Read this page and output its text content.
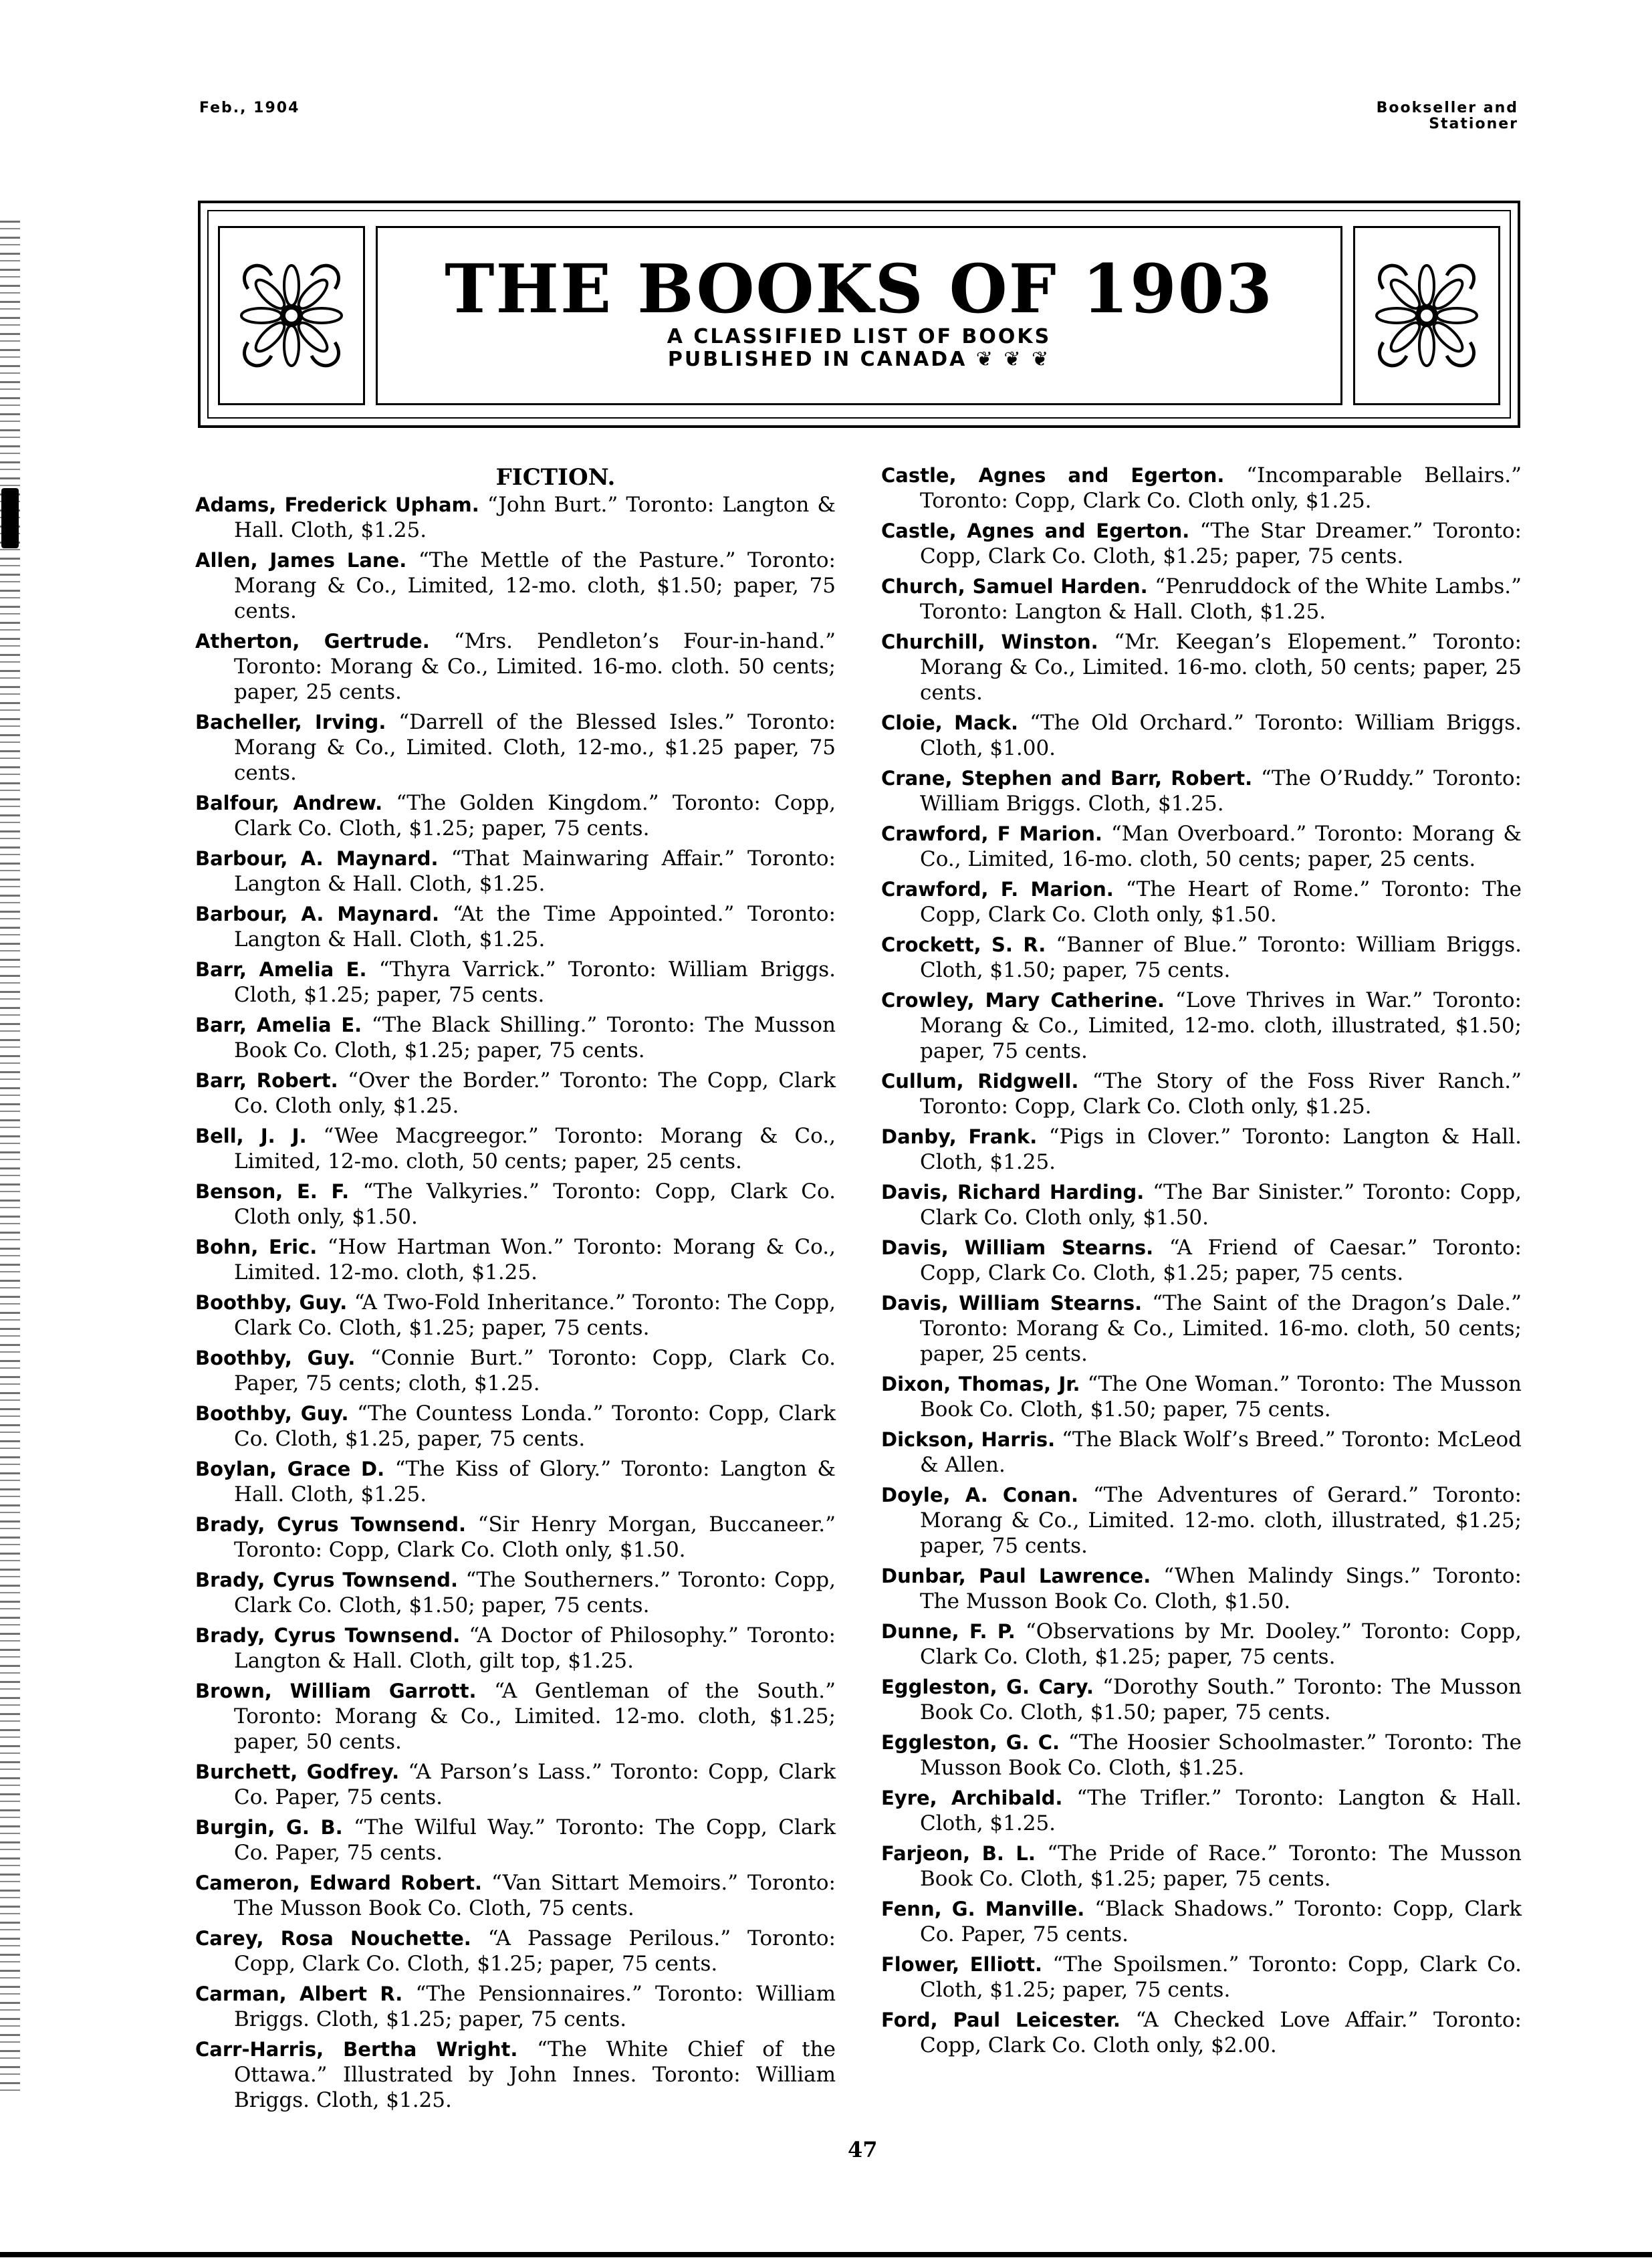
Feb., 1904	Bookseller and
Stationer
THE BOOKS OF 1903
A CLASSIFIED LIST OF BOOKS
PUBLISHED IN CANADA ❦ ❦ ❦
FICTION.
Adams, Frederick Upham. “John Burt.” Toronto: Langton & Hall. Cloth, $1.25.
Allen, James Lane. “The Mettle of the Pasture.” Toronto: Morang & Co., Limited, 12-mo. cloth, $1.50; paper, 75 cents.
Atherton, Gertrude. “Mrs. Pendleton’s Four-in-hand.” Toronto: Morang & Co., Limited. 16-mo. cloth. 50 cents; paper, 25 cents.
Bacheller, Irving. “Darrell of the Blessed Isles.” Toronto: Morang & Co., Limited. Cloth, 12-mo., $1.25 paper, 75 cents.
Balfour, Andrew. “The Golden Kingdom.” Toronto: Copp, Clark Co. Cloth, $1.25; paper, 75 cents.
Barbour, A. Maynard. “That Mainwaring Affair.” Toronto: Langton & Hall. Cloth, $1.25.
Barbour, A. Maynard. “At the Time Appointed.” Toronto: Langton & Hall. Cloth, $1.25.
Barr, Amelia E. “Thyra Varrick.” Toronto: William Briggs. Cloth, $1.25; paper, 75 cents.
Barr, Amelia E. “The Black Shilling.” Toronto: The Musson Book Co. Cloth, $1.25; paper, 75 cents.
Barr, Robert. “Over the Border.” Toronto: The Copp, Clark Co. Cloth only, $1.25.
Bell, J. J. “Wee Macgreegor.” Toronto: Morang & Co., Limited, 12-mo. cloth, 50 cents; paper, 25 cents.
Benson, E. F. “The Valkyries.” Toronto: Copp, Clark Co. Cloth only, $1.50.
Bohn, Eric. “How Hartman Won.” Toronto: Morang & Co., Limited. 12-mo. cloth, $1.25.
Boothby, Guy. “A Two-Fold Inheritance.” Toronto: The Copp, Clark Co. Cloth, $1.25; paper, 75 cents.
Boothby, Guy. “Connie Burt.” Toronto: Copp, Clark Co. Paper, 75 cents; cloth, $1.25.
Boothby, Guy. “The Countess Londa.” Toronto: Copp, Clark Co. Cloth, $1.25, paper, 75 cents.
Boylan, Grace D. “The Kiss of Glory.” Toronto: Langton & Hall. Cloth, $1.25.
Brady, Cyrus Townsend. “Sir Henry Morgan, Buccaneer.” Toronto: Copp, Clark Co. Cloth only, $1.50.
Brady, Cyrus Townsend. “The Southerners.” Toronto: Copp, Clark Co. Cloth, $1.50; paper, 75 cents.
Brady, Cyrus Townsend. “A Doctor of Philosophy.” Toronto: Langton & Hall. Cloth, gilt top, $1.25.
Brown, William Garrott. “A Gentleman of the South.” Toronto: Morang & Co., Limited. 12-mo. cloth, $1.25; paper, 50 cents.
Burchett, Godfrey. “A Parson’s Lass.” Toronto: Copp, Clark Co. Paper, 75 cents.
Burgin, G. B. “The Wilful Way.” Toronto: The Copp, Clark Co. Paper, 75 cents.
Cameron, Edward Robert. “Van Sittart Memoirs.” Toronto: The Musson Book Co. Cloth, 75 cents.
Carey, Rosa Nouchette. “A Passage Perilous.” Toronto: Copp, Clark Co. Cloth, $1.25; paper, 75 cents.
Carman, Albert R. “The Pensionnaires.” Toronto: William Briggs. Cloth, $1.25; paper, 75 cents.
Carr-Harris, Bertha Wright. “The White Chief of the Ottawa.” Illustrated by John Innes. Toronto: William Briggs. Cloth, $1.25.
Castle, Agnes and Egerton. “Incomparable Bellairs.” Toronto: Copp, Clark Co. Cloth only, $1.25.
Castle, Agnes and Egerton. “The Star Dreamer.” Toronto: Copp, Clark Co. Cloth, $1.25; paper, 75 cents.
Church, Samuel Harden. “Penruddock of the White Lambs.” Toronto: Langton & Hall. Cloth, $1.25.
Churchill, Winston. “Mr. Keegan’s Elopement.” Toronto: Morang & Co., Limited. 16-mo. cloth, 50 cents; paper, 25 cents.
Cloie, Mack. “The Old Orchard.” Toronto: William Briggs. Cloth, $1.00.
Crane, Stephen and Barr, Robert. “The O’Ruddy.” Toronto: William Briggs. Cloth, $1.25.
Crawford, F Marion. “Man Overboard.” Toronto: Morang & Co., Limited, 16-mo. cloth, 50 cents; paper, 25 cents.
Crawford, F. Marion. “The Heart of Rome.” Toronto: The Copp, Clark Co. Cloth only, $1.50.
Crockett, S. R. “Banner of Blue.” Toronto: William Briggs. Cloth, $1.50; paper, 75 cents.
Crowley, Mary Catherine. “Love Thrives in War.” Toronto: Morang & Co., Limited, 12-mo. cloth, illustrated, $1.50; paper, 75 cents.
Cullum, Ridgwell. “The Story of the Foss River Ranch.” Toronto: Copp, Clark Co. Cloth only, $1.25.
Danby, Frank. “Pigs in Clover.” Toronto: Langton & Hall. Cloth, $1.25.
Davis, Richard Harding. “The Bar Sinister.” Toronto: Copp, Clark Co. Cloth only, $1.50.
Davis, William Stearns. “A Friend of Caesar.” Toronto: Copp, Clark Co. Cloth, $1.25; paper, 75 cents.
Davis, William Stearns. “The Saint of the Dragon’s Dale.” Toronto: Morang & Co., Limited. 16-mo. cloth, 50 cents; paper, 25 cents.
Dixon, Thomas, Jr. “The One Woman.” Toronto: The Musson Book Co. Cloth, $1.50; paper, 75 cents.
Dickson, Harris. “The Black Wolf’s Breed.” Toronto: McLeod & Allen.
Doyle, A. Conan. “The Adventures of Gerard.” Toronto: Morang & Co., Limited. 12-mo. cloth, illustrated, $1.25; paper, 75 cents.
Dunbar, Paul Lawrence. “When Malindy Sings.” Toronto: The Musson Book Co. Cloth, $1.50.
Dunne, F. P. “Observations by Mr. Dooley.” Toronto: Copp, Clark Co. Cloth, $1.25; paper, 75 cents.
Eggleston, G. Cary. “Dorothy South.” Toronto: The Musson Book Co. Cloth, $1.50; paper, 75 cents.
Eggleston, G. C. “The Hoosier Schoolmaster.” Toronto: The Musson Book Co. Cloth, $1.25.
Eyre, Archibald. “The Trifler.” Toronto: Langton & Hall. Cloth, $1.25.
Farjeon, B. L. “The Pride of Race.” Toronto: The Musson Book Co. Cloth, $1.25; paper, 75 cents.
Fenn, G. Manville. “Black Shadows.” Toronto: Copp, Clark Co. Paper, 75 cents.
Flower, Elliott. “The Spoilsmen.” Toronto: Copp, Clark Co. Cloth, $1.25; paper, 75 cents.
Ford, Paul Leicester. “A Checked Love Affair.” Toronto: Copp, Clark Co. Cloth only, $2.00.
47
